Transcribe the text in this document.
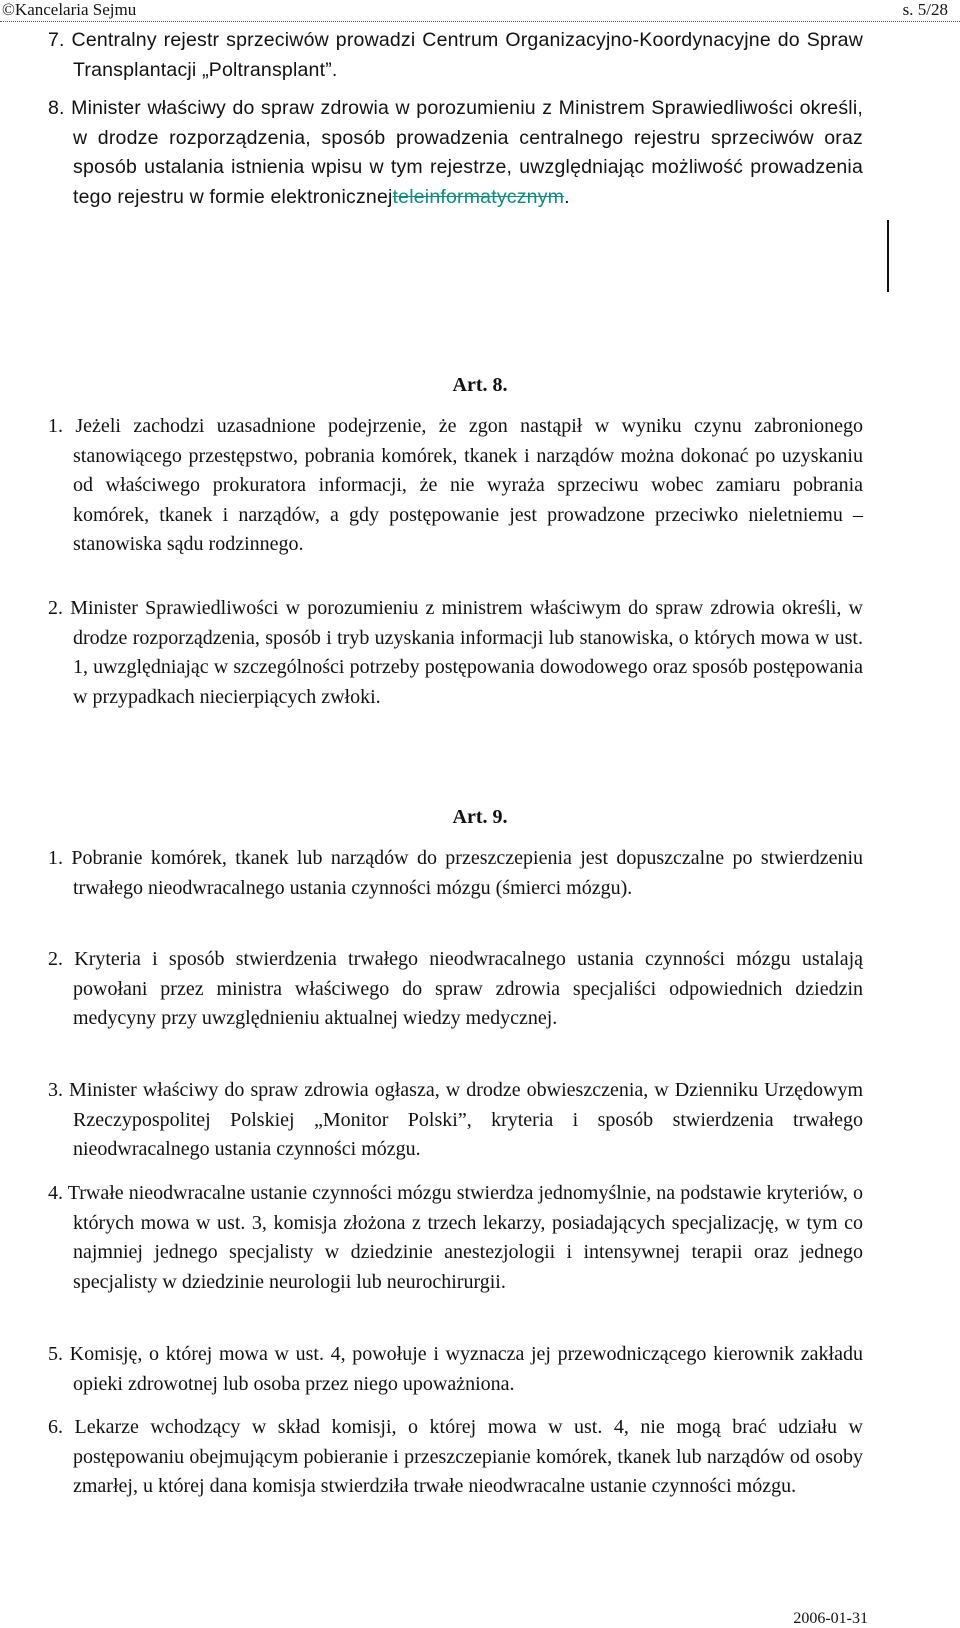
©Kancelaria Sejmu	s. 5/28
7. Centralny rejestr sprzeciwów prowadzi Centrum Organizacyjno-Koordynacyjne do Spraw Transplantacji „Poltransplant”.
8. Minister właściwy do spraw zdrowia w porozumieniu z Ministrem Sprawiedliwości określi, w drodze rozporządzenia, sposób prowadzenia centralnego rejestru sprzeciwów oraz sposób ustalania istnienia wpisu w tym rejestrze, uwzględniając możliwość prowadzenia tego rejestru w formie elektronicznejteleinformatycznym.
Art. 8.
1. Jeżeli zachodzi uzasadnione podejrzenie, że zgon nastąpił w wyniku czynu zabronionego stanowiącego przestępstwo, pobrania komórek, tkanek i narządów można dokonać po uzyskaniu od właściwego prokuratora informacji, że nie wyraża sprzeciwu wobec zamiaru pobrania komórek, tkanek i narządów, a gdy postępowanie jest prowadzone przeciwko nieletniemu – stanowiska sądu rodzinnego.
2. Minister Sprawiedliwości w porozumieniu z ministrem właściwym do spraw zdrowia określi, w drodze rozporządzenia, sposób i tryb uzyskania informacji lub stanowiska, o których mowa w ust. 1, uwzględniając w szczególności potrzeby postępowania dowodowego oraz sposób postępowania w przypadkach niecierpiących zwłoki.
Art. 9.
1. Pobranie komórek, tkanek lub narządów do przeszczepienia jest dopuszczalne po stwierdzeniu trwałego nieodwracalnego ustania czynności mózgu (śmierci mózgu).
2. Kryteria i sposób stwierdzenia trwałego nieodwracalnego ustania czynności mózgu ustalają powołani przez ministra właściwego do spraw zdrowia specjaliści odpowiednich dziedzin medycyny przy uwzględnieniu aktualnej wiedzy medycznej.
3. Minister właściwy do spraw zdrowia ogłasza, w drodze obwieszczenia, w Dzienniku Urzędowym Rzeczypospolitej Polskiej „Monitor Polski”, kryteria i sposób stwierdzenia trwałego nieodwracalnego ustania czynności mózgu.
4. Trwałe nieodwracalne ustanie czynności mózgu stwierdza jednomyślnie, na podstawie kryteriów, o których mowa w ust. 3, komisja złożona z trzech lekarzy, posiadających specjalizację, w tym co najmniej jednego specjalisty w dziedzinie anestezjologii i intensywnej terapii oraz jednego specjalisty w dziedzinie neurologii lub neurochirurgii.
5. Komisję, o której mowa w ust. 4, powołuje i wyznacza jej przewodniczącego kierownik zakładu opieki zdrowotnej lub osoba przez niego upoważniona.
6. Lekarze wchodzący w skład komisji, o której mowa w ust. 4, nie mogą brać udziału w postępowaniu obejmującym pobieranie i przeszczepianie komórek, tkanek lub narządów od osoby zmarłej, u której dana komisja stwierdziła trwałe nieodwracalne ustanie czynności mózgu.
2006-01-31
